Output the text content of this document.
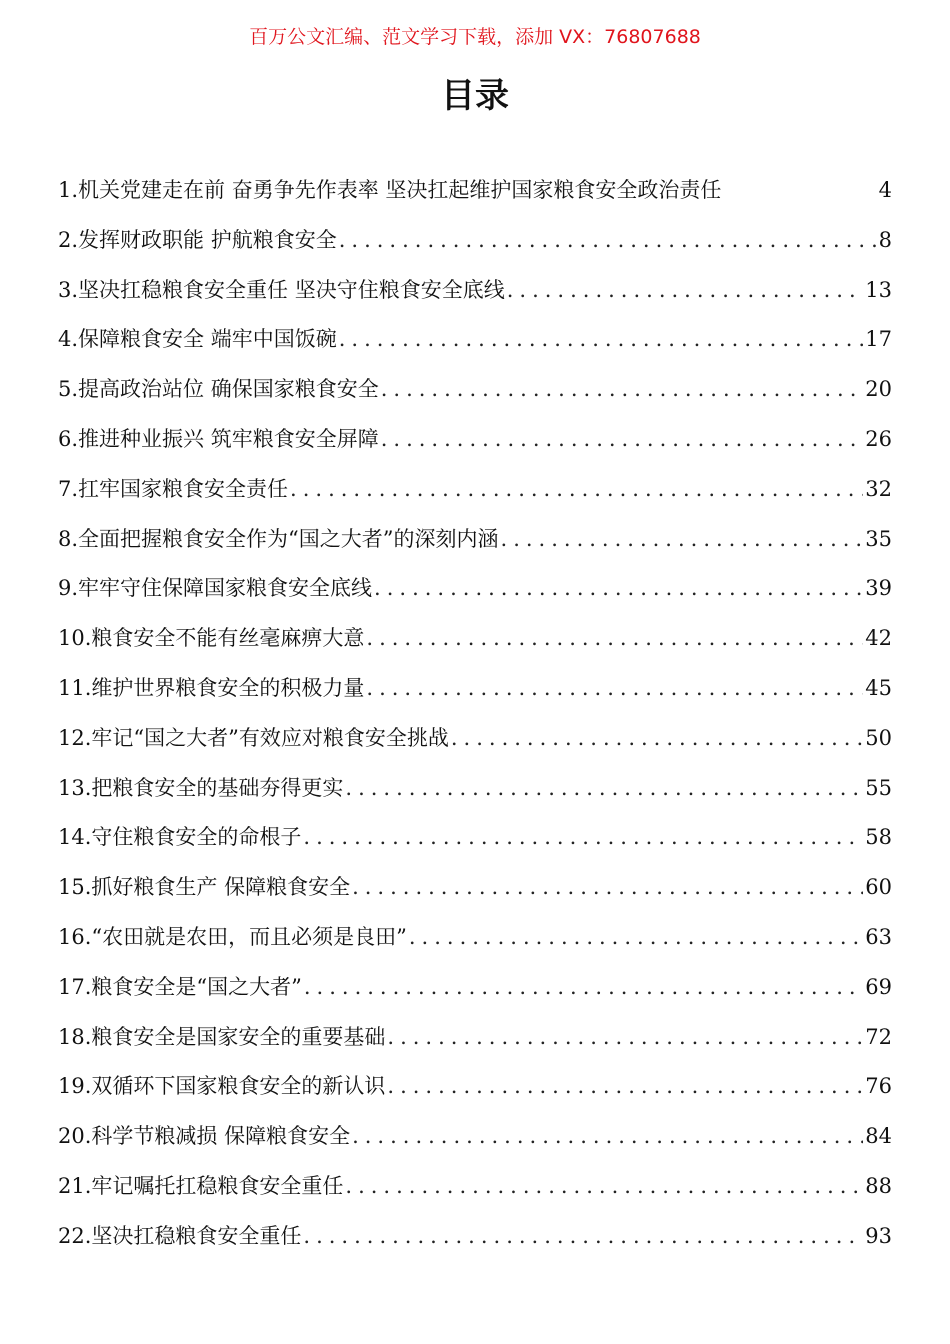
百万公文汇编、范文学习下载，添加 VX：76807688
目录
1.机关党建走在前 奋勇争先作表率 坚决扛起维护国家粮食安全政治责任	4
2.发挥财政职能 护航粮食安全 .....	8
3.坚决扛稳粮食安全重任 坚决守住粮食安全底线 .....	13
4.保障粮食安全 端牢中国饭碗 .....	17
5.提高政治站位 确保国家粮食安全 .....	20
6.推进种业振兴 筑牢粮食安全屏障 .....	26
7.扛牢国家粮食安全责任 .....	32
8.全面把握粮食安全作为“国之大者”的深刻内涵 .....	35
9.牢牢守住保障国家粮食安全底线 .....	39
10.粮食安全不能有丝毫麻痹大意 .....	42
11.维护世界粮食安全的积极力量 .....	45
12.牢记“国之大者”有效应对粮食安全挑战 .....	50
13.把粮食安全的基础夯得更实 .....	55
14.守住粮食安全的命根子 .....	58
15.抓好粮食生产 保障粮食安全 .....	60
16.“农田就是农田，而且必须是良田” .....	63
17.粮食安全是“国之大者” .....	69
18.粮食安全是国家安全的重要基础 .....	72
19.双循环下国家粮食安全的新认识 .....	76
20.科学节粮减损 保障粮食安全 .....	84
21.牢记嘱托扛稳粮食安全重任 .....	88
22.坚决扛稳粮食安全重任 .....	93
